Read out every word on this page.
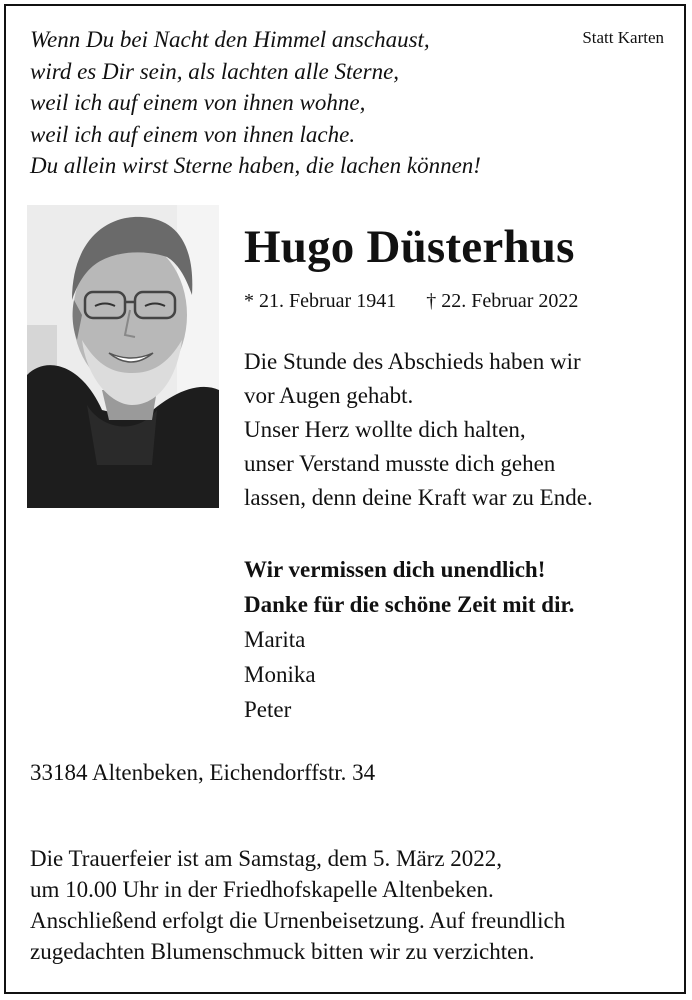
Statt Karten
Wenn Du bei Nacht den Himmel anschaust,
wird es Dir sein, als lachten alle Sterne,
weil ich auf einem von ihnen wohne,
weil ich auf einem von ihnen lache.
Du allein wirst Sterne haben, die lachen können!
Hugo Düsterhus
* 21. Februar 1941 † 22. Februar 2022
Die Stunde des Abschieds haben wir
vor Augen gehabt.
Unser Herz wollte dich halten,
unser Verstand musste dich gehen
lassen, denn deine Kraft war zu Ende.
Wir vermissen dich unendlich!
Danke für die schöne Zeit mit dir.
Marita
Monika
Peter
33184 Altenbeken, Eichendorffstr. 34
Die Trauerfeier ist am Samstag, dem 5. März 2022,
um 10.00 Uhr in der Friedhofskapelle Altenbeken.
Anschließend erfolgt die Urnenbeisetzung. Auf freundlich
zugedachten Blumenschmuck bitten wir zu verzichten.
